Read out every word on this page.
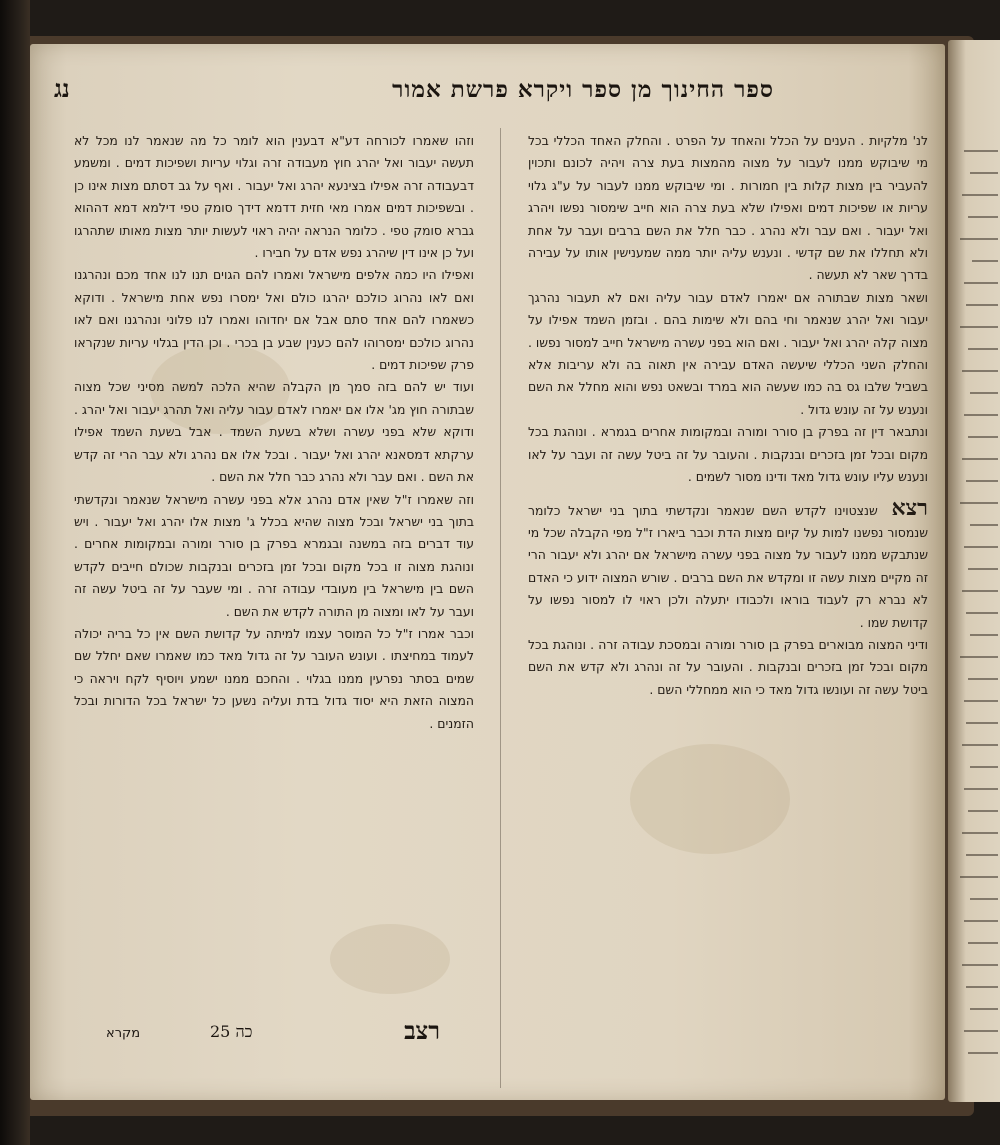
ספר החינוך מן ספר ויקרא פרשת אמור
נג

לנ' מלקיות . הענים על הכלל והאחד על הפרט . והחלק האחד הכללי בכל מי שיבוקש ממנו לעבור על מצוה מהמצות בעת צרה ויהיה לכונם ותכוין להעביר בין מצות קלות בין חמורות . ומי שיבוקש ממנו לעבור על ע"ג גלוי עריות או שפיכות דמים ואפילו שלא בעת צרה הוא חייב שימסור נפשו ויהרג ואל יעבור . ואם עבר ולא נהרג . כבר חלל את השם ברבים ועבר על אחת ולא תחללו את שם קדשי . ונענש עליה יותר ממה שמענישין אותו על עבירה בדרך שאר לא תעשה .

ושאר מצות שבתורה אם יאמרו לאדם עבור עליה ואם לא תעבור נהרגך יעבור ואל יהרג שנאמר וחי בהם ולא שימות בהם . ובזמן השמד אפילו על מצוה קלה יהרג ואל יעבור . ואם הוא בפני עשרה מישראל חייב למסור נפשו . והחלק השני הכללי שיעשה האדם עבירה אין תאוה בה ולא עריבות אלא בשביל שלבו גס בה כמו שעשה הוא במרד ובשאט נפש והוא מחלל את השם ונענש על זה עונש גדול .

ונתבאר דין זה בפרק בן סורר ומורה ובמקומות אחרים בגמרא . ונוהגת בכל מקום ובכל זמן בזכרים ובנקבות . והעובר על זה ביטל עשה זה ועבר על לאו ונענש עליו עונש גדול מאד ודינו מסור לשמים .

רצא שנצטוינו לקדש השם שנאמר ונקדשתי בתוך בני ישראל כלומר שנמסור נפשנו למות על קיום מצות הדת וכבר ביארו ז"ל מפי הקבלה שכל מי שנתבקש ממנו לעבור על מצוה בפני עשרה מישראל אם יהרג ולא יעבור הרי זה מקיים מצות עשה זו ומקדש את השם ברבים . שורש המצוה ידוע כי האדם לא נברא רק לעבוד בוראו ולכבודו יתעלה ולכן ראוי לו למסור נפשו על קדושת שמו .

ודיני המצוה מבוארים בפרק בן סורר ומורה ובמסכת עבודה זרה . ונוהגת בכל מקום ובכל זמן בזכרים ובנקבות . והעובר על זה ונהרג ולא קדש את השם ביטל עשה זה ועונשו גדול מאד כי הוא ממחללי השם .

וזהו שאמרו לכורחה דע"א דבענין הוא לומר כל מה שנאמר לנו מכל לא תעשה יעבור ואל יהרג חוץ מעבודה זרה וגלוי עריות ושפיכות דמים . ומשמע דבעבודה זרה אפילו בצינעא יהרג ואל יעבור . ואף על גב דסתם מצות אינו כן . ובשפיכות דמים אמרו מאי חזית דדמא דידך סומק טפי דילמא דמא דההוא גברא סומק טפי . כלומר הנראה יהיה ראוי לעשות יותר מצות מאותו שתהרגו ועל כן אינו דין שיהרג נפש אדם על חבירו .

ואפילו היו כמה אלפים מישראל ואמרו להם הגוים תנו לנו אחד מכם ונהרגנו ואם לאו נהרוג כולכם יהרגו כולם ואל ימסרו נפש אחת מישראל . ודוקא כשאמרו להם אחד סתם אבל אם יחדוהו ואמרו לנו פלוני ונהרגנו ואם לאו נהרוג כולכם ימסרוהו להם כענין שבע בן בכרי . וכן הדין בגלוי עריות שנקראו פרק שפיכות דמים .

ועוד יש להם בזה סמך מן הקבלה שהיא הלכה למשה מסיני שכל מצוה שבתורה חוץ מג' אלו אם יאמרו לאדם עבור עליה ואל תהרג יעבור ואל יהרג . ודוקא שלא בפני עשרה ושלא בשעת השמד . אבל בשעת השמד אפילו ערקתא דמסאנא יהרג ואל יעבור . ובכל אלו אם נהרג ולא עבר הרי זה קדש את השם . ואם עבר ולא נהרג כבר חלל את השם .

וזה שאמרו ז"ל שאין אדם נהרג אלא בפני עשרה מישראל שנאמר ונקדשתי בתוך בני ישראל ובכל מצוה שהיא בכלל ג' מצות אלו יהרג ואל יעבור . ויש עוד דברים בזה במשנה ובגמרא בפרק בן סורר ומורה ובמקומות אחרים . ונוהגת מצוה זו בכל מקום ובכל זמן בזכרים ובנקבות שכולם חייבים לקדש השם בין מישראל בין מעובדי עבודה זרה . ומי שעבר על זה ביטל עשה זה ועבר על לאו ומצוה מן התורה לקדש את השם .

וכבר אמרו ז"ל כל המוסר עצמו למיתה על קדושת השם אין כל בריה יכולה לעמוד במחיצתו . ועונש העובר על זה גדול מאד כמו שאמרו שאם יחלל שם שמים בסתר נפרעין ממנו בגלוי . והחכם ממנו ישמע ויוסיף לקח ויראה כי המצוה הזאת היא יסוד גדול בדת ועליה נשען כל ישראל בכל הדורות ובכל הזמנים .

רצב
כה 25
מקרא
